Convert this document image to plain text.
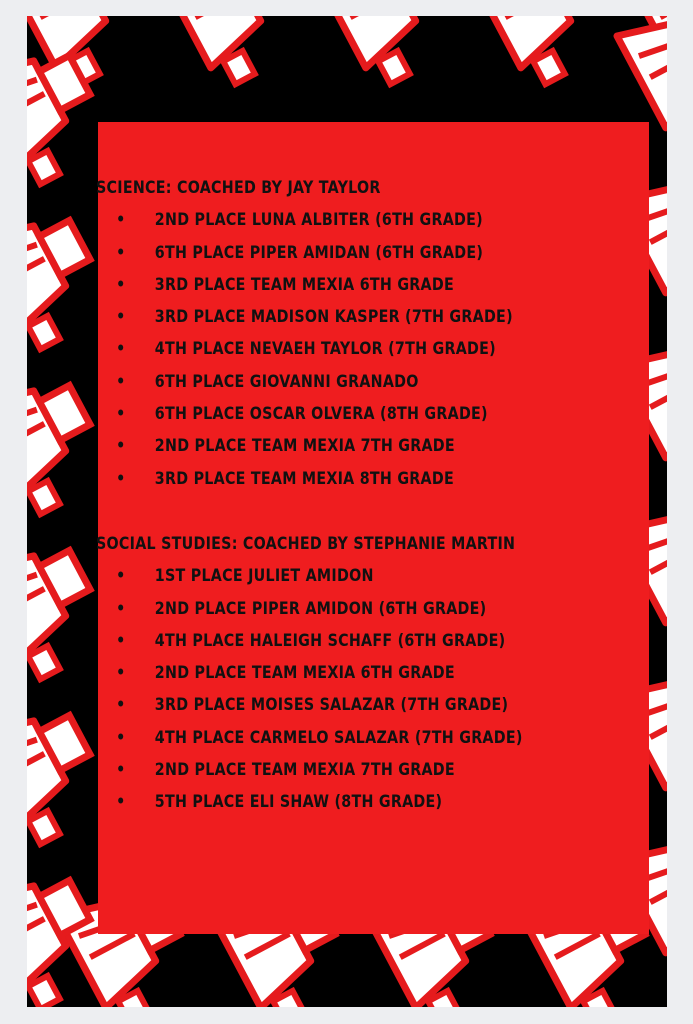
SCIENCE: COACHED BY JAY TAYLOR
• 2ND PLACE LUNA ALBITER (6TH GRADE)
• 6TH PLACE PIPER AMIDAN (6TH GRADE)
• 3RD PLACE TEAM MEXIA 6TH GRADE
• 3RD PLACE MADISON KASPER (7TH GRADE)
• 4TH PLACE NEVAEH TAYLOR (7TH GRADE)
• 6TH PLACE GIOVANNI GRANADO
• 6TH PLACE OSCAR OLVERA (8TH GRADE)
• 2ND PLACE TEAM MEXIA 7TH GRADE
• 3RD PLACE TEAM MEXIA 8TH GRADE
SOCIAL STUDIES: COACHED BY STEPHANIE MARTIN
• 1ST PLACE JULIET AMIDON
• 2ND PLACE PIPER AMIDON (6TH GRADE)
• 4TH PLACE HALEIGH SCHAFF (6TH GRADE)
• 2ND PLACE TEAM MEXIA 6TH GRADE
• 3RD PLACE MOISES SALAZAR (7TH GRADE)
• 4TH PLACE CARMELO SALAZAR (7TH GRADE)
• 2ND PLACE TEAM MEXIA 7TH GRADE
• 5TH PLACE ELI SHAW (8TH GRADE)
